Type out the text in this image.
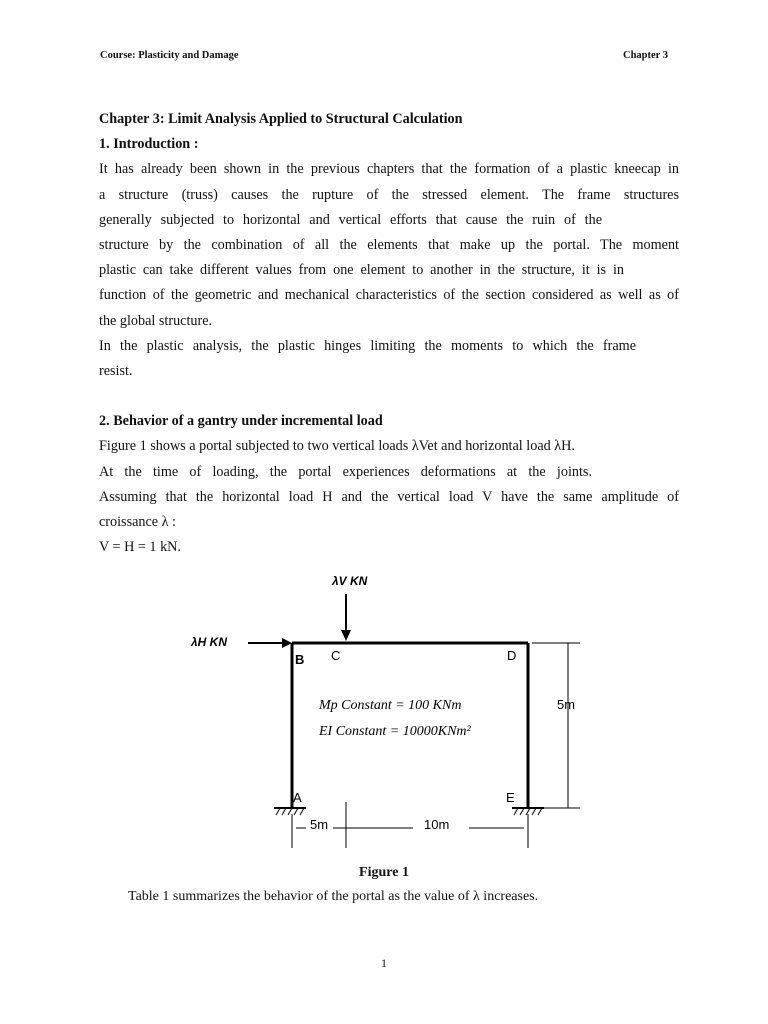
Course: Plasticity and Damage	Chapter 3
Chapter 3: Limit Analysis Applied to Structural Calculation
1. Introduction :
It has already been shown in the previous chapters that the formation of a plastic kneecap in
a structure (truss) causes the rupture of the stressed element. The frame structures
generally subjected to horizontal and vertical efforts that cause the ruin of the
structure by the combination of all the elements that make up the portal. The moment
plastic can take different values from one element to another in the structure, it is in
function of the geometric and mechanical characteristics of the section considered as well as of
the global structure.
In the plastic analysis, the plastic hinges limiting the moments to which the frame
resist.
2. Behavior of a gantry under incremental load
Figure 1 shows a portal subjected to two vertical loads λVet and horizontal load λH.
At the time of loading, the portal experiences deformations at the joints.
Assuming that the horizontal load H and the vertical load V have the same amplitude of
croissance λ :
V = H = 1 kN.
λV KN
λH KN
B C	D
A	E
Mp Constant = 100 KNm
EI Constant = 10000KNm²
5m
5m	10m
Figure 1
Table 1 summarizes the behavior of the portal as the value of λ increases.
1
